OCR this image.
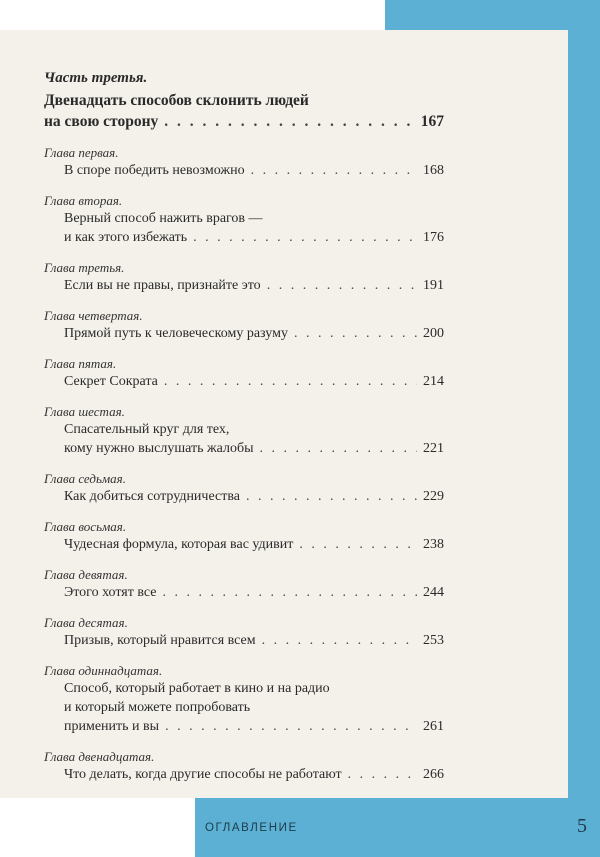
Часть третья.
Двенадцать способов склонить людей
на свою сторону . . .	167
Глава первая.
В споре победить невозможно . . .	168
Глава вторая.
Верный способ нажить врагов —
и как этого избежать . . .	176
Глава третья.
Если вы не правы, признайте это . . .	191
Глава четвертая.
Прямой путь к человеческому разуму . . .	200
Глава пятая.
Секрет Сократа . . .	214
Глава шестая.
Спасательный круг для тех,
кому нужно выслушать жалобы . . .	221
Глава седьмая.
Как добиться сотрудничества . . .	229
Глава восьмая.
Чудесная формула, которая вас удивит . . .	238
Глава девятая.
Этого хотят все . . .	244
Глава десятая.
Призыв, который нравится всем . . .	253
Глава одиннадцатая.
Способ, который работает в кино и на радио
и который можете попробовать
применить и вы . . .	261
Глава двенадцатая.
Что делать, когда другие способы не работают . . .	266
ОГЛАВЛЕНИЕ	5
